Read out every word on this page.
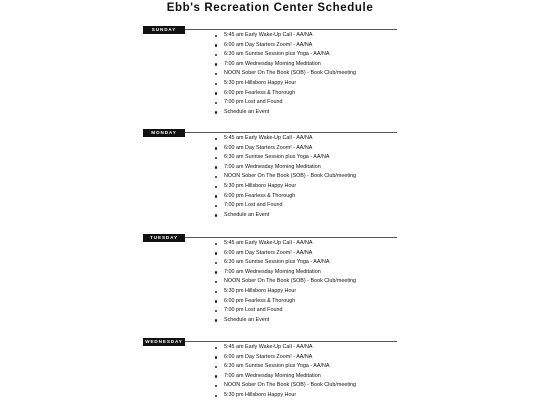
Ebb's Recreation Center Schedule
SUNDAY
5:45 am Early Wake-Up Call - AA/NA
6:00 am Day Starters Zoom! - AA/NA
6:30 am Sunrise Session plus Yoga - AA/NA
7:00 am Wednesday Morning Meditation
NOON Sober On The Book (SOB) - Book Club/meeting
5:30 pm Hillsboro Happy Hour
6:00 pm Fearless & Thorough
7:00 pm Lost and Found
Schedule an Event
MONDAY
5:45 am Early Wake-Up Call - AA/NA
6:00 am Day Starters Zoom! - AA/NA
6:30 am Sunrise Session plus Yoga - AA/NA
7:00 am Wednesday Morning Meditation
NOON Sober On The Book (SOB) - Book Club/meeting
5:30 pm Hillsboro Happy Hour
6:00 pm Fearless & Thorough
7:00 pm Lost and Found
Schedule an Event
TUESDAY
5:45 am Early Wake-Up Call - AA/NA
6:00 am Day Starters Zoom! - AA/NA
6:30 am Sunrise Session plus Yoga - AA/NA
7:00 am Wednesday Morning Meditation
NOON Sober On The Book (SOB) - Book Club/meeting
5:30 pm Hillsboro Happy Hour
6:00 pm Fearless & Thorough
7:00 pm Lost and Found
Schedule an Event
WEDNESDAY
5:45 am Early Wake-Up Call - AA/NA
6:00 am Day Starters Zoom! - AA/NA
6:30 am Sunrise Session plus Yoga - AA/NA
7:00 am Wednesday Morning Meditation
NOON Sober On The Book (SOB) - Book Club/meeting
5:30 pm Hillsboro Happy Hour
